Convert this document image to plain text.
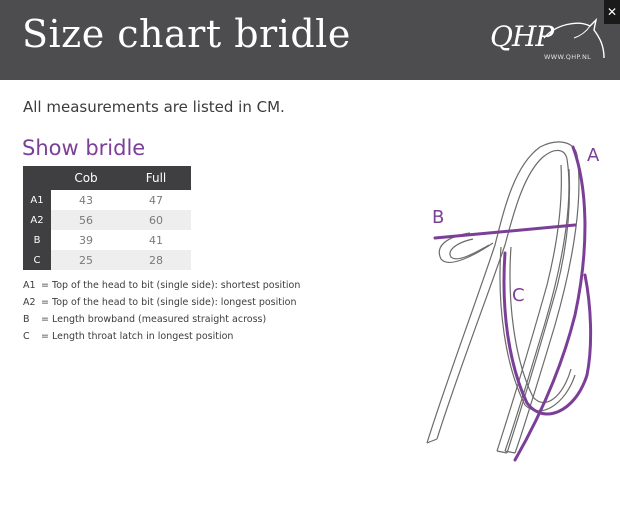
Size chart bridle	QHP
WWW.QHP.NL
✕
All measurements are listed in CM.
Show bridle
	Cob	Full
A1	43	47
A2	56	60
B	39	41
C	25	28
A1 = Top of the head to bit (single side): shortest position
A2 = Top of the head to bit (single side): longest position
B = Length browband (measured straight across)
C = Length throat latch in longest position
A
B
C
